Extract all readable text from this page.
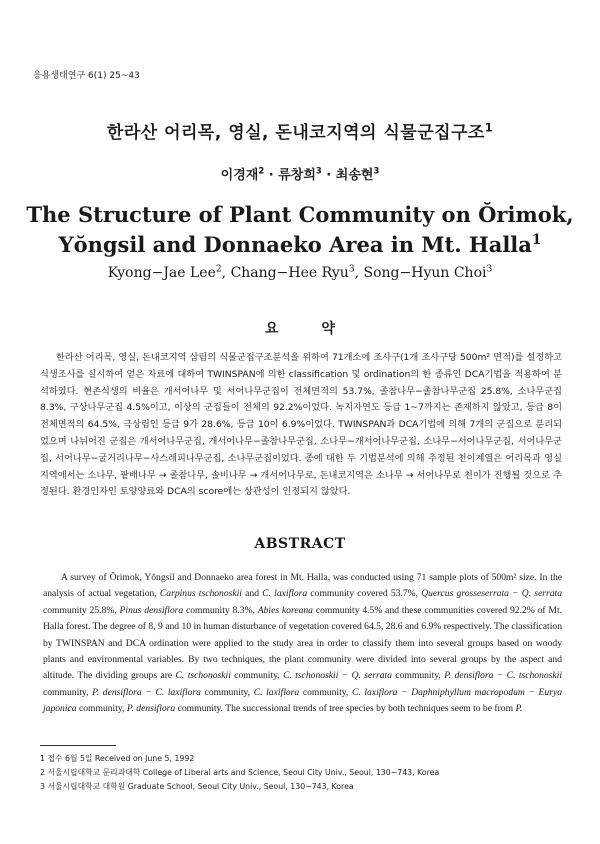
응용생태연구 6(1) 25~43
한라산 어리목, 영실, 돈내코지역의 식물군집구조$^1$
이경재$^2$ · 류창희$^3$ · 최송현$^3$
The Structure of Plant Community on Ŏrimok,
Yŏngsil and Donnaeko Area in Mt. Halla$^1$
Kyong−Jae Lee$^2$, Chang−Hee Ryu$^3$, Song−Hyun Choi$^3$
요 약
한라산 어리목, 영실, 돈내코지역 삼림의 식물군집구조분석을 위하여 71개소에 조사구(1개 조사구당 500m² 면적)를 설정하고 식생조사를 실시하여 얻은 자료에 대하여 TWINSPAN에 의한 classification 및 ordination의 한 종류인 DCA기법을 적용하여 분석하였다. 현존식생의 비율은 개서어나무 및 서어나무군집이 전체면적의 53.7%, 졸참나무−졸참나무군집 25.8%, 소나무군집 8.3%, 구상나무군집 4.5%이고, 이상의 군집들이 전체의 92.2%이었다. 녹지자연도 등급 1~7까지는 존재하지 않았고, 등급 8이 전체면적의 64.5%, 극상림인 등급 9가 28.6%, 등급 10이 6.9%이었다. TWINSPAN과 DCA기법에 의해 7개의 군집으로 분리되었으며 나뉘어진 군집은 개서어나무군집, 개서어나무−졸참나무군집, 소나무−개서어나무군집, 소나무−서어나무군집, 서어나무군집, 서어나무−굴거리나무−사스레피나무군집, 소나무군집이었다. 종에 대한 두 기법분석에 의해 추정된 천이계열은 어리목과 영실지역에서는 소나무, 팥배나무 → 졸참나무, 솔비나무 → 개서어나무로, 돈내코지역은 소나무 → 서어나무로 천이가 진행될 것으로 추정된다. 환경인자인 토양양료와 DCA의 score에는 상관성이 인정되지 않았다.
ABSTRACT
A survey of Ŏrimok, Yŏngsil and Donnaeko area forest in Mt. Halla, was conducted using 71 sample plots of 500m² size. In the analysis of actual vegetation, Carpinus tschonoskii and C. laxiflora community covered 53.7%, Quercus grosseserrata − Q. serrata community 25.8%, Pinus densiflora community 8.3%, Abies koreana community 4.5% and these communities covered 92.2% of Mt. Halla forest. The degree of 8, 9 and 10 in human disturbance of vegetation covered 64.5, 28.6 and 6.9% respectively. The classification by TWINSPAN and DCA ordination were applied to the study area in order to classify them into several groups based on woody plants and environmental variables. By two techniques, the plant community were divided into several groups by the aspect and altitude. The dividing groups are C. tschonoskii community, C. tschonoskii − Q. serrata community, P. densiflora − C. tschonoskii community, P. densiflora − C. laxiflora community, C. laxiflora community, C. laxiflora − Daphniphyllum macropodum − Eurya japonica community, P. densiflora community. The successional trends of tree species by both techniques seem to be from P.
1 접수 6월 5일 Received on June 5, 1992
2 서울시립대학교 문리과대학 College of Liberal arts and Science, Seoul City Univ., Seoul, 130−743, Korea
3 서울시립대학교 대학원 Graduate School, Seoul City Univ., Seoul, 130−743, Korea
